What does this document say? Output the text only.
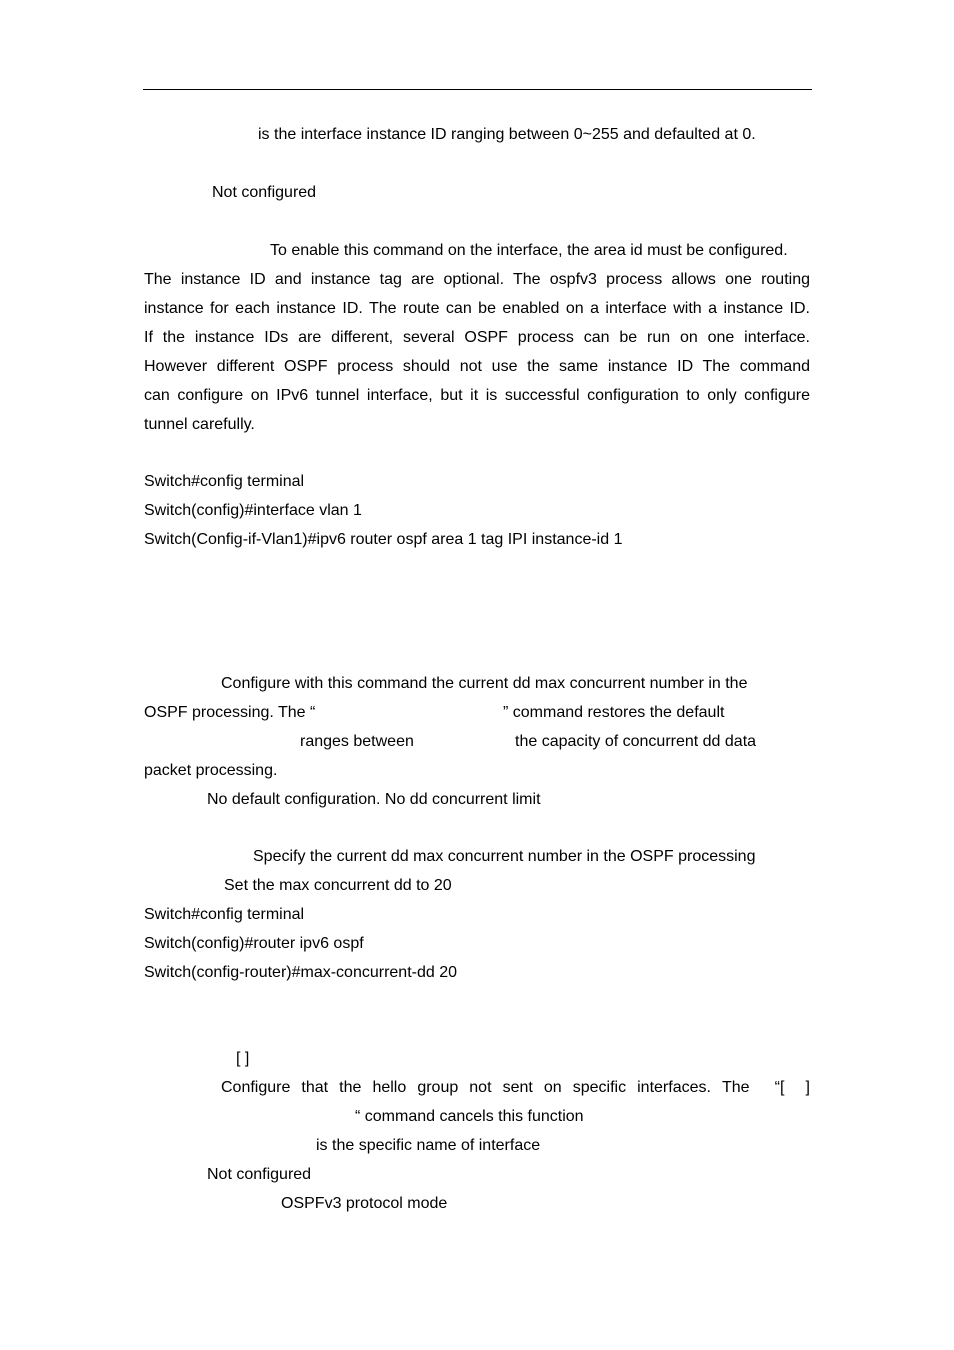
is the interface instance ID ranging between 0~255 and defaulted at 0.
Not configured
To enable this command on the interface, the area id must be configured.
The instance ID and instance tag are optional. The ospfv3 process allows one routing
instance for each instance ID. The route can be enabled on a interface with a instance ID.
If the instance IDs are different, several OSPF process can be run on one interface.
However different OSPF process should not use the same instance ID The command
can configure on IPv6 tunnel interface, but it is successful configuration to only configure
tunnel carefully.
Switch#config terminal
Switch(config)#interface vlan 1
Switch(Config-if-Vlan1)#ipv6 router ospf area 1 tag IPI instance-id 1
Configure with this command the current dd max concurrent number in the
OSPF processing. The “	” command restores the default
ranges between	the capacity of concurrent dd data
packet processing.
No default configuration. No dd concurrent limit
Specify the current dd max concurrent number in the OSPF processing
Set the max concurrent dd to 20
Switch#config terminal
Switch(config)#router ipv6 ospf
Switch(config-router)#max-concurrent-dd 20
[ ]
Configure that the hello group not sent on specific interfaces. The “[ ]
“ command cancels this function
is the specific name of interface
Not configured
OSPFv3 protocol mode
